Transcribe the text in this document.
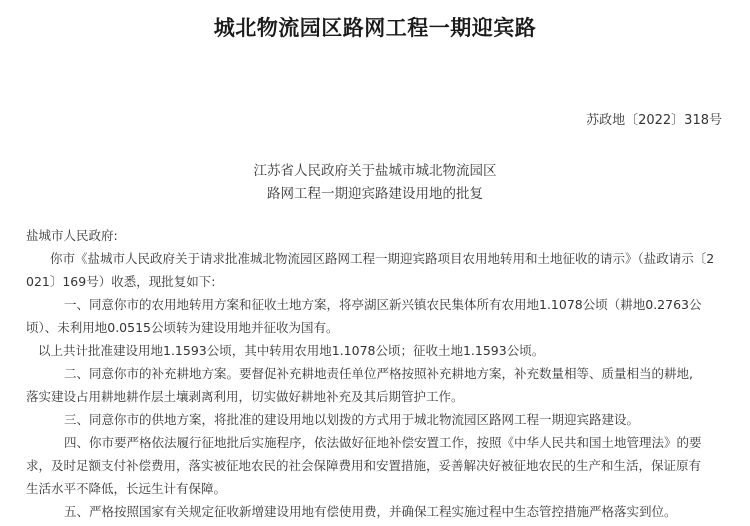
城北物流园区路网工程一期迎宾路
苏政地〔2022〕318号
江苏省人民政府关于盐城市城北物流园区
路网工程一期迎宾路建设用地的批复
盐城市人民政府:
你市《盐城市人民政府关于请求批准城北物流园区路网工程一期迎宾路项目农用地转用和土地征收的请示》（盐政请示〔2
021〕169号）收悉，现批复如下:
一、同意你市的农用地转用方案和征收土地方案，将亭湖区新兴镇农民集体所有农用地1.1078公顷（耕地0.2763公
顷）、未利用地0.0515公顷转为建设用地并征收为国有。
以上共计批准建设用地1.1593公顷，其中转用农用地1.1078公顷；征收土地1.1593公顷。
二、同意你市的补充耕地方案。要督促补充耕地责任单位严格按照补充耕地方案，补充数量相等、质量相当的耕地,
落实建设占用耕地耕作层土壤剥离利用，切实做好耕地补充及其后期管护工作。
三、同意你市的供地方案，将批准的建设用地以划拨的方式用于城北物流园区路网工程一期迎宾路建设。
四、你市要严格依法履行征地批后实施程序，依法做好征地补偿安置工作，按照《中华人民共和国土地管理法》的要
求，及时足额支付补偿费用，落实被征地农民的社会保障费用和安置措施，妥善解决好被征地农民的生产和生活，保证原有
生活水平不降低，长远生计有保障。
五、严格按照国家有关规定征收新增建设用地有偿使用费，并确保工程实施过程中生态管控措施严格落实到位。
